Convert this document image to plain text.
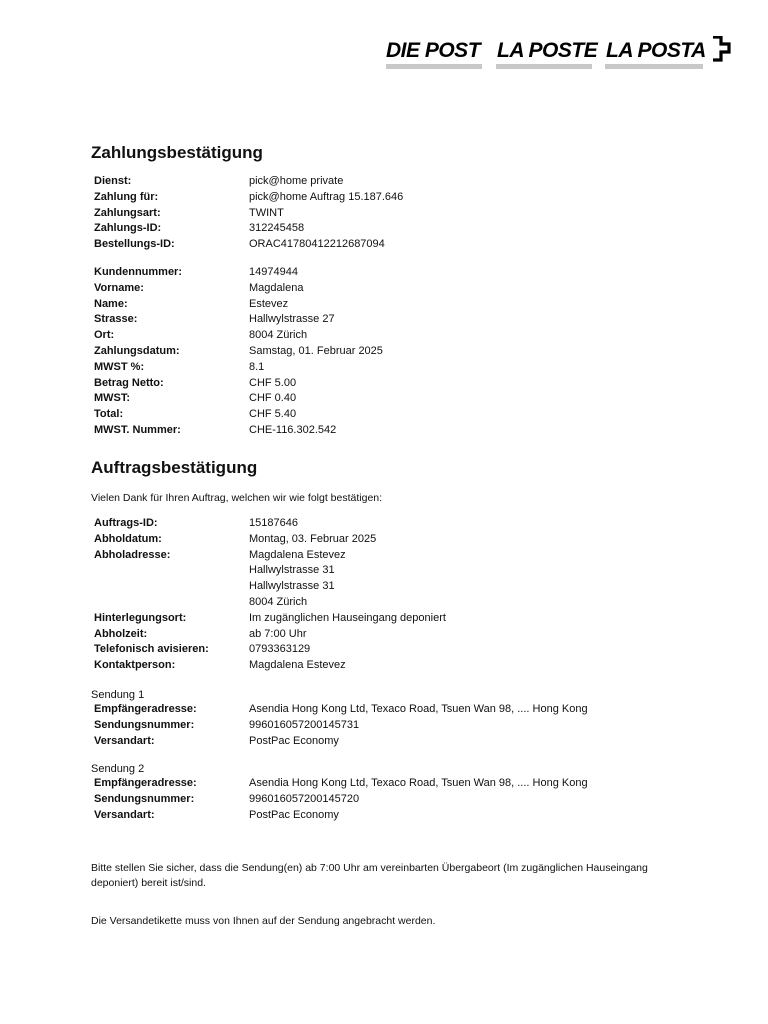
DIE POST LA POSTE LA POSTA
Zahlungsbestätigung
Dienst:	pick@home private
Zahlung für:	pick@home Auftrag 15.187.646
Zahlungsart:	TWINT
Zahlungs-ID:	312245458
Bestellungs-ID:	ORAC41780412212687094
Kundennummer:	14974944
Vorname:	Magdalena
Name:	Estevez
Strasse:	Hallwylstrasse 27
Ort:	8004 Zürich
Zahlungsdatum:	Samstag, 01. Februar 2025
MWST %:	8.1
Betrag Netto:	CHF 5.00
MWST:	CHF 0.40
Total:	CHF 5.40
MWST. Nummer:	CHE-116.302.542
Auftragsbestätigung
Vielen Dank für Ihren Auftrag, welchen wir wie folgt bestätigen:
Auftrags-ID:	15187646
Abholdatum:	Montag, 03. Februar 2025
Abholadresse:	Magdalena Estevez
Hallwylstrasse 31
Hallwylstrasse 31
8004 Zürich
Hinterlegungsort:	Im zugänglichen Hauseingang deponiert
Abholzeit:	ab 7:00 Uhr
Telefonisch avisieren:	0793363129
Kontaktperson:	Magdalena Estevez
Sendung 1
Empfängeradresse:	Asendia Hong Kong Ltd, Texaco Road, Tsuen Wan 98, .... Hong Kong
Sendungsnummer:	996016057200145731
Versandart:	PostPac Economy
Sendung 2
Empfängeradresse:	Asendia Hong Kong Ltd, Texaco Road, Tsuen Wan 98, .... Hong Kong
Sendungsnummer:	996016057200145720
Versandart:	PostPac Economy
Bitte stellen Sie sicher, dass die Sendung(en) ab 7:00 Uhr am vereinbarten Übergabeort (Im zugänglichen Hauseingang deponiert) bereit ist/sind.
Die Versandetikette muss von Ihnen auf der Sendung angebracht werden.
